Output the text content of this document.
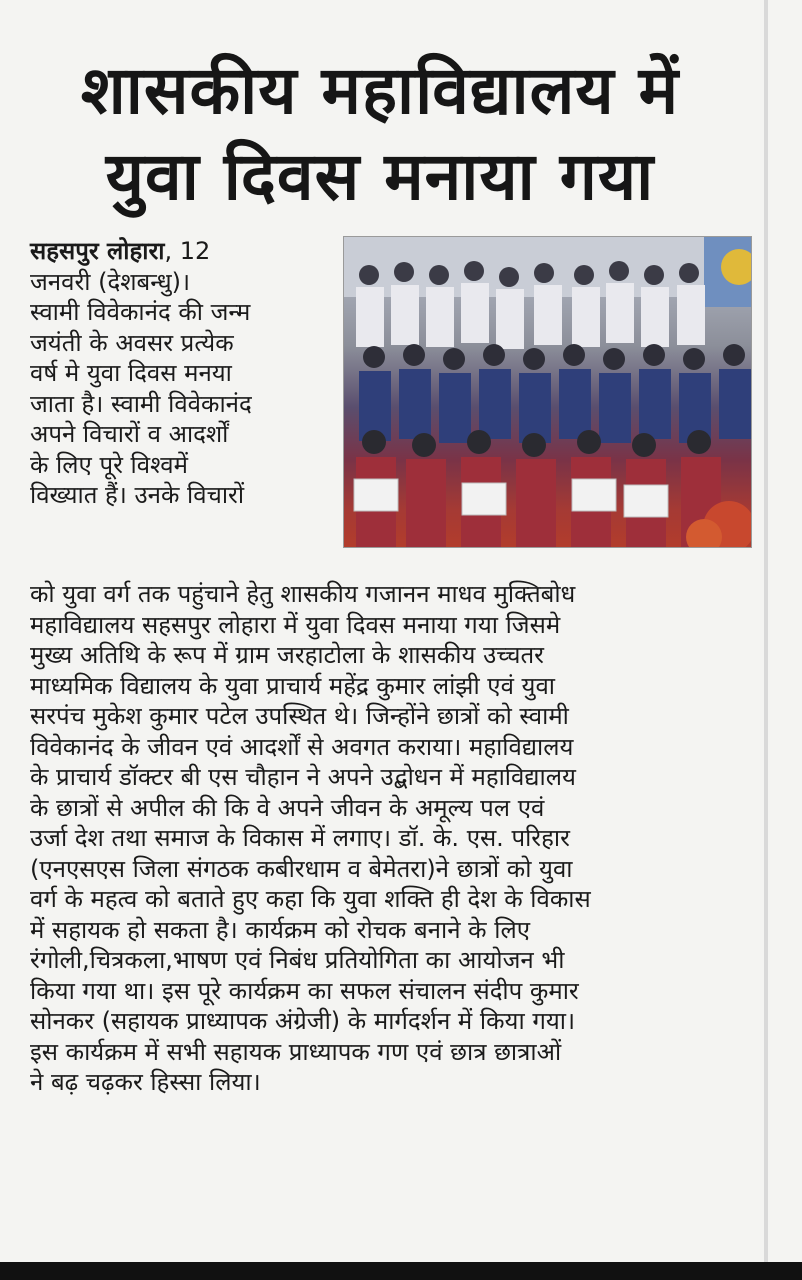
शासकीय महाविद्यालय में
युवा दिवस मनाया गया
सहसपुर लोहारा, 12
जनवरी (देशबन्धु)।
स्वामी विवेकानंद की जन्म
जयंती के अवसर प्रत्येक
वर्ष मे युवा दिवस मनया
जाता है। स्वामी विवेकानंद
अपने विचारों व आदर्शों
के लिए पूरे विश्वमें
विख्यात हैं। उनके विचारों
को युवा वर्ग तक पहुंचाने हेतु शासकीय गजानन माधव मुक्तिबोध
महाविद्यालय सहसपुर लोहारा में युवा दिवस मनाया गया जिसमे
मुख्य अतिथि के रूप में ग्राम जरहाटोला के शासकीय उच्चतर
माध्यमिक विद्यालय के युवा प्राचार्य महेंद्र कुमार लांझी एवं युवा
सरपंच मुकेश कुमार पटेल उपस्थित थे। जिन्होंने छात्रों को स्वामी
विवेकानंद के जीवन एवं आदर्शों से अवगत कराया। महाविद्यालय
के प्राचार्य डॉक्टर बी एस चौहान ने अपने उद्बोधन में महाविद्यालय
के छात्रों से अपील की कि वे अपने जीवन के अमूल्य पल एवं
उर्जा देश तथा समाज के विकास में लगाए। डॉ. के. एस. परिहार
(एनएसएस जिला संगठक कबीरधाम व बेमेतरा)ने छात्रों को युवा
वर्ग के महत्व को बताते हुए कहा कि युवा शक्ति ही देश के विकास
में सहायक हो सकता है। कार्यक्रम को रोचक बनाने के लिए
रंगोली,चित्रकला,भाषण एवं निबंध प्रतियोगिता का आयोजन भी
किया गया था। इस पूरे कार्यक्रम का सफल संचालन संदीप कुमार
सोनकर (सहायक प्राध्यापक अंग्रेजी) के मार्गदर्शन में किया गया।
इस कार्यक्रम में सभी सहायक प्राध्यापक गण एवं छात्र छात्राओं
ने बढ़ चढ़कर हिस्सा लिया।
